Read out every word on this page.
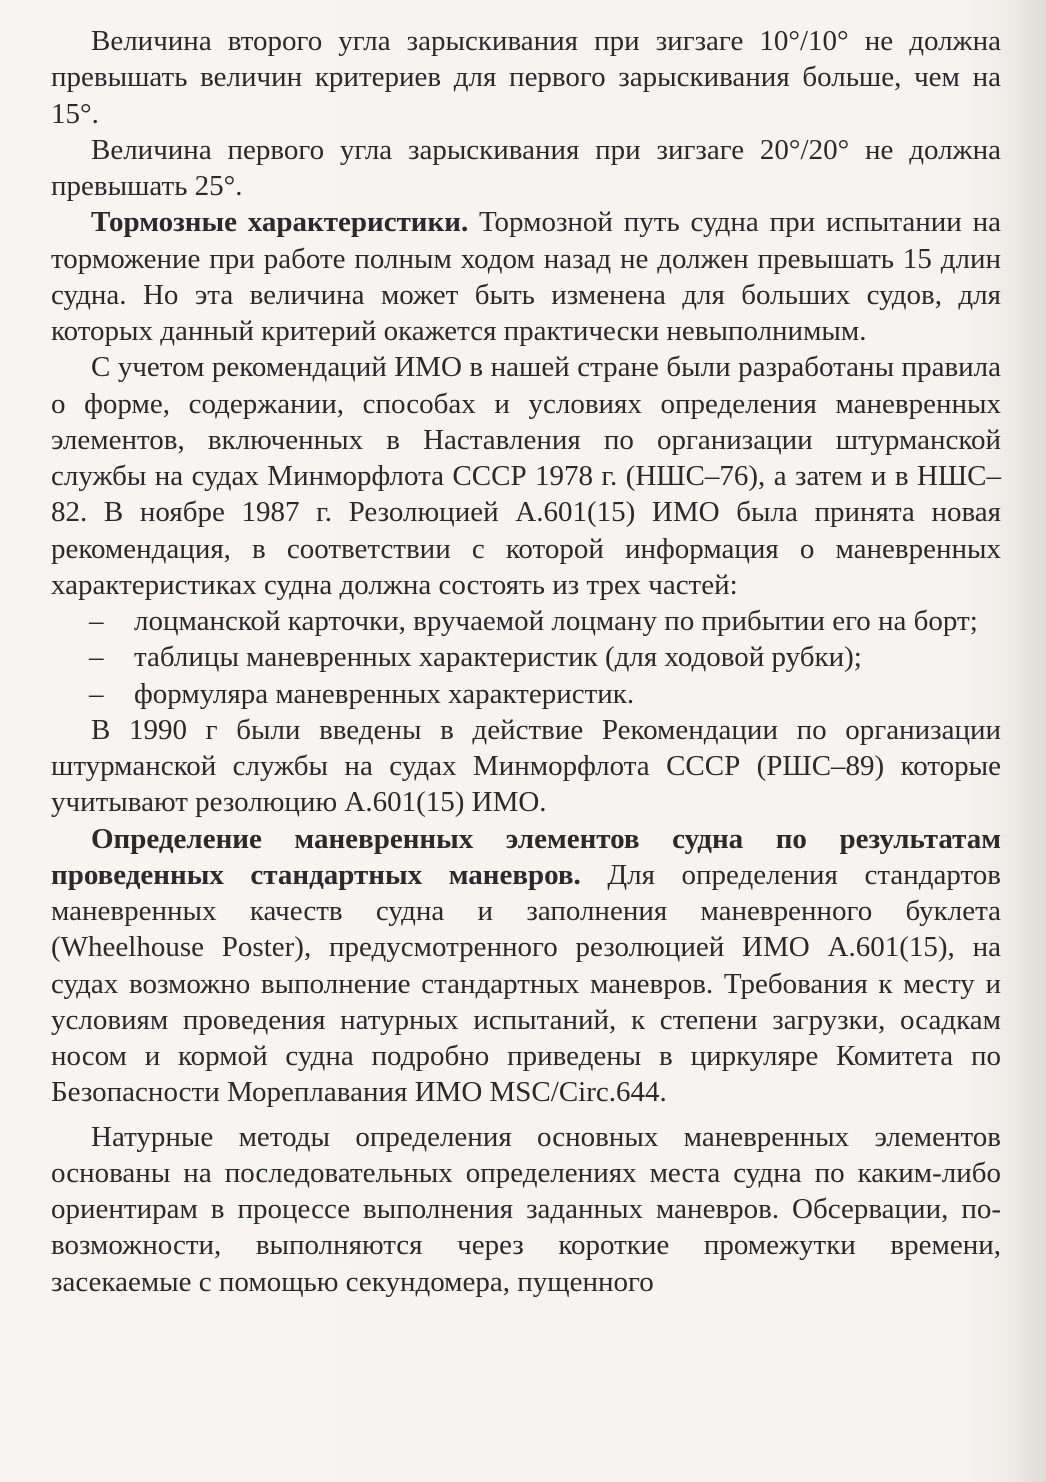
Величина второго угла зарыскивания при зигзаге 10°/10° не должна превышать величин критериев для первого зарыскивания больше, чем на 15°.

Величина первого угла зарыскивания при зигзаге 20°/20° не должна превышать 25°.

Тормозные характеристики. Тормозной путь судна при испытании на торможение при работе полным ходом назад не должен превышать 15 длин судна. Но эта величина может быть изменена для больших судов, для которых данный критерий окажется практически невыполнимым.

С учетом рекомендаций ИМО в нашей стране были разработаны правила о форме, содержании, способах и условиях определения маневренных элементов, включенных в Наставления по организации штурманской службы на судах Минморфлота СССР 1978 г. (НШС–76), а затем и в НШС–82. В ноябре 1987 г. Резолюцией А.601(15) ИМО была принята новая рекомендация, в соответствии с которой информация о маневренных характеристиках судна должна состоять из трех частей:

– лоцманской карточки, вручаемой лоцману по прибытии его на борт;
– таблицы маневренных характеристик (для ходовой рубки);
– формуляра маневренных характеристик.

В 1990 г были введены в действие Рекомендации по организации штурманской службы на судах Минморфлота СССР (РШС–89) которые учитывают резолюцию А.601(15) ИМО.

Определение маневренных элементов судна по результатам проведенных стандартных маневров. Для определения стандартов маневренных качеств судна и заполнения маневренного буклета (Wheelhouse Poster), предусмотренного резолюцией ИМО А.601(15), на судах возможно выполнение стандартных маневров. Требования к месту и условиям проведения натурных испытаний, к степени загрузки, осадкам носом и кормой судна подробно приведены в циркуляре Комитета по Безопасности Мореплавания ИМО MSC/Circ.644.

Натурные методы определения основных маневренных элементов основаны на последовательных определениях места судна по каким-либо ориентирам в процессе выполнения заданных маневров. Обсервации, по-возможности, выполняются через короткие промежутки времени, засекаемые с помощью секундомера, пущенного
